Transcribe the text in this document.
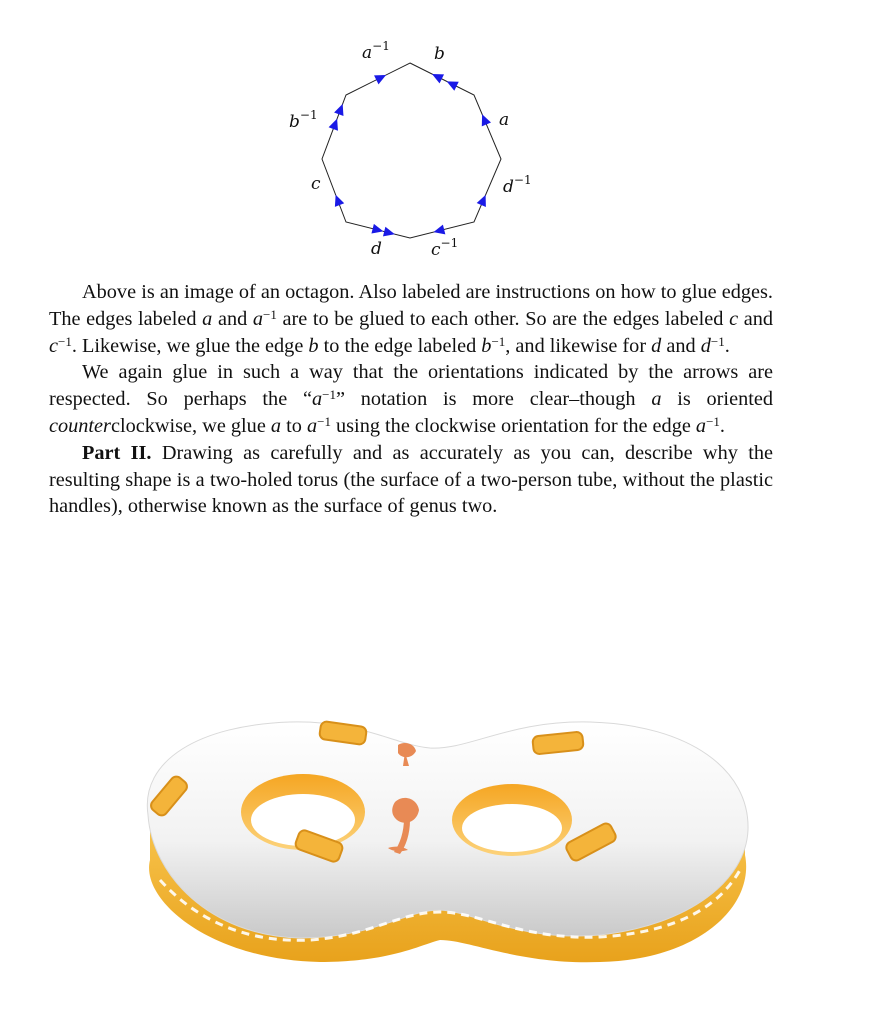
$a^{-1}$	b
a
$b^{-1}$
c	$d^{-1}$
d	$c^{-1}$

Above is an image of an octagon. Also labeled are instructions on how to glue edges. The edges labeled a and $a^{-1}$ are to be glued to each other. So are the edges labeled c and $c^{-1}$. Likewise, we glue the edge b to the edge labeled $b^{-1}$, and likewise for d and $d^{-1}$.

We again glue in such a way that the orientations indicated by the arrows are respected. So perhaps the “$a^{-1}$” notation is more clear–though a is oriented counterclockwise, we glue a to $a^{-1}$ using the clockwise orientation for the edge $a^{-1}$.

Part II. Drawing as carefully and as accurately as you can, describe why the resulting shape is a two-holed torus (the surface of a two-person tube, without the plastic handles), otherwise known as the surface of genus two.
